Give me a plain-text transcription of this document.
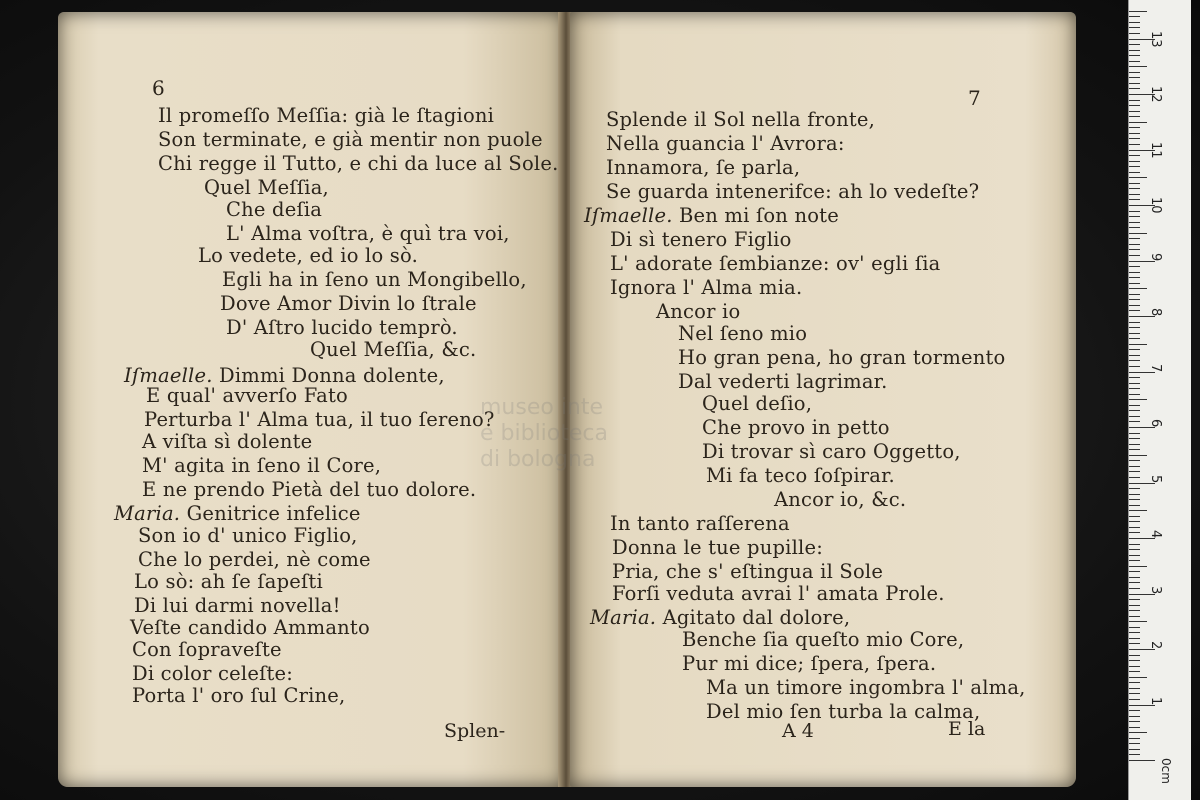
6
Il promeſſo Meſſia: già le ſtagioni
Son terminate, e già mentir non puole
Chi regge il Tutto, e chi da luce al Sole.
Quel Meſſia,
Che deſia
L' Alma voſtra, è quì tra voi,
Lo vedete, ed io lo sò.
Egli ha in ſeno un Mongibello,
Dove Amor Divin lo ſtrale
D' Aſtro lucido temprò.
Quel Meſſia, &c.
Iſmaelle. Dimmi Donna dolente,
E qual' avverſo Fato
Perturba l' Alma tua, il tuo ſereno?
A viſta sì dolente
M' agita in ſeno il Core,
E ne prendo Pietà del tuo dolore.
Maria. Genitrice infelice
Son io d' unico Figlio,
Che lo perdei, nè come
Lo sò: ah ſe ſapeſti
Di lui darmi novella!
Veſte candido Ammanto
Con ſopraveſte
Di color celeſte:
Porta l' oro ſul Crine,
Splen-
7
Splende il Sol nella fronte,
Nella guancia l' Avrora:
Innamora, ſe parla,
Se guarda intenerifce: ah lo vedeſte?
Iſmaelle. Ben mi ſon note
Di sì tenero Figlio
L' adorate ſembianze: ov' egli ſia
Ignora l' Alma mia.
Ancor io
Nel ſeno mio
Ho gran pena, ho gran tormento
Dal vederti lagrimar.
Quel deſio,
Che provo in petto
Di trovar sì caro Oggetto,
Mi fa teco ſoſpirar.
Ancor io, &c.
In tanto raſſerena
Donna le tue pupille:
Pria, che s' eſtingua il Sole
Forſi veduta avrai l' amata Prole.
Maria. Agitato dal dolore,
Benche ſia queſto mio Core,
Pur mi dice; ſpera, ſpera.
Ma un timore ingombra l' alma,
Del mio ſen turba la calma,
A 4	E la
museo inte
e biblioteca
di bologna
0cm
1
2
3
4
5
6
7
8
9
10
11
12
13
